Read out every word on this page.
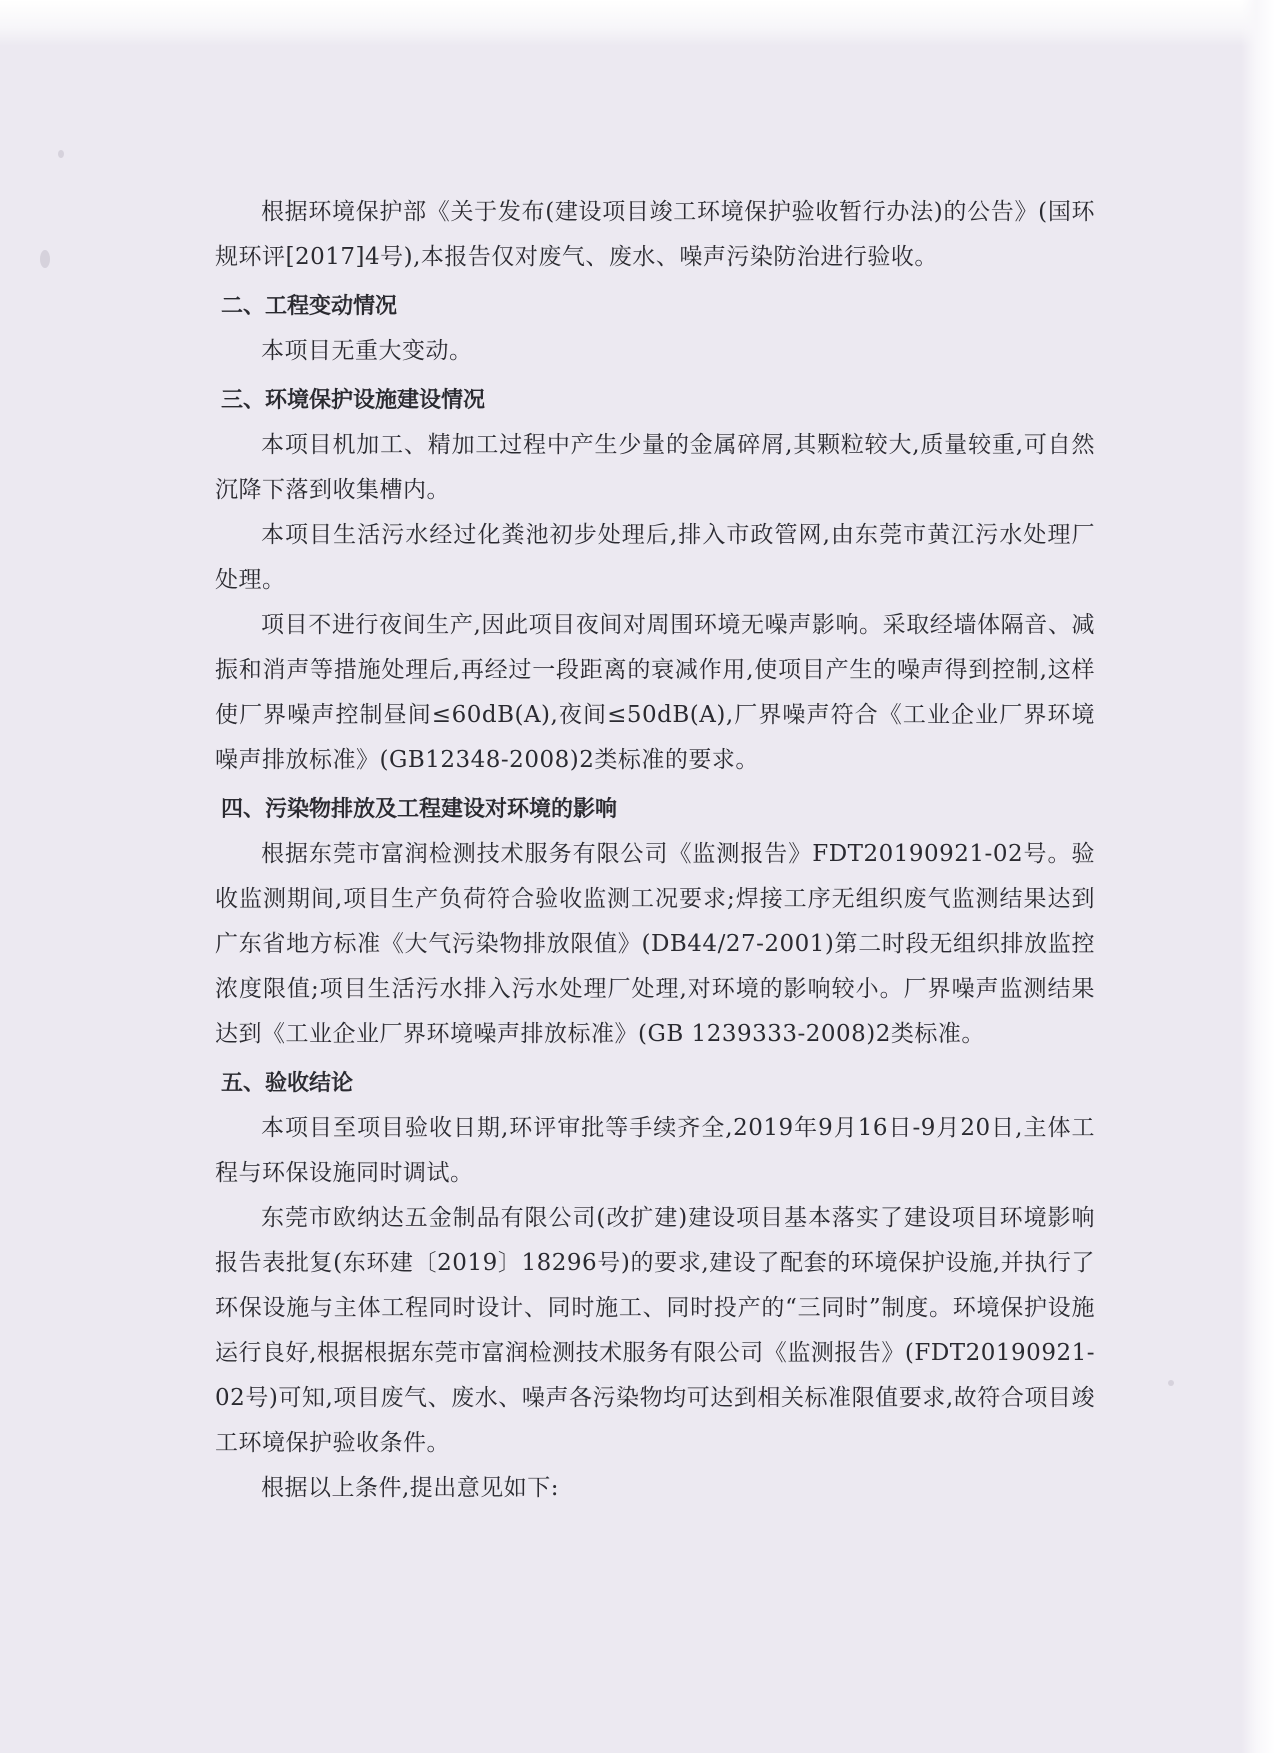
根据环境保护部《关于发布(建设项目竣工环境保护验收暂行办法)的公告》(国环规环评[2017]4号),本报告仅对废气、废水、噪声污染防治进行验收。

二、工程变动情况

本项目无重大变动。

三、环境保护设施建设情况

本项目机加工、精加工过程中产生少量的金属碎屑,其颗粒较大,质量较重,可自然沉降下落到收集槽内。

本项目生活污水经过化粪池初步处理后,排入市政管网,由东莞市黄江污水处理厂处理。

项目不进行夜间生产,因此项目夜间对周围环境无噪声影响。采取经墙体隔音、减振和消声等措施处理后,再经过一段距离的衰减作用,使项目产生的噪声得到控制,这样使厂界噪声控制昼间≤60dB(A),夜间≤50dB(A),厂界噪声符合《工业企业厂界环境噪声排放标准》(GB12348-2008)2类标准的要求。

四、污染物排放及工程建设对环境的影响

根据东莞市富润检测技术服务有限公司《监测报告》FDT20190921-02号。验收监测期间,项目生产负荷符合验收监测工况要求;焊接工序无组织废气监测结果达到广东省地方标准《大气污染物排放限值》(DB44/27-2001)第二时段无组织排放监控浓度限值;项目生活污水排入污水处理厂处理,对环境的影响较小。厂界噪声监测结果达到《工业企业厂界环境噪声排放标准》(GB 1239333-2008)2类标准。

五、验收结论

本项目至项目验收日期,环评审批等手续齐全,2019年9月16日-9月20日,主体工程与环保设施同时调试。

东莞市欧纳达五金制品有限公司(改扩建)建设项目基本落实了建设项目环境影响报告表批复(东环建〔2019〕18296号)的要求,建设了配套的环境保护设施,并执行了环保设施与主体工程同时设计、同时施工、同时投产的“三同时”制度。环境保护设施运行良好,根据根据东莞市富润检测技术服务有限公司《监测报告》(FDT20190921-02号)可知,项目废气、废水、噪声各污染物均可达到相关标准限值要求,故符合项目竣工环境保护验收条件。

根据以上条件,提出意见如下:
